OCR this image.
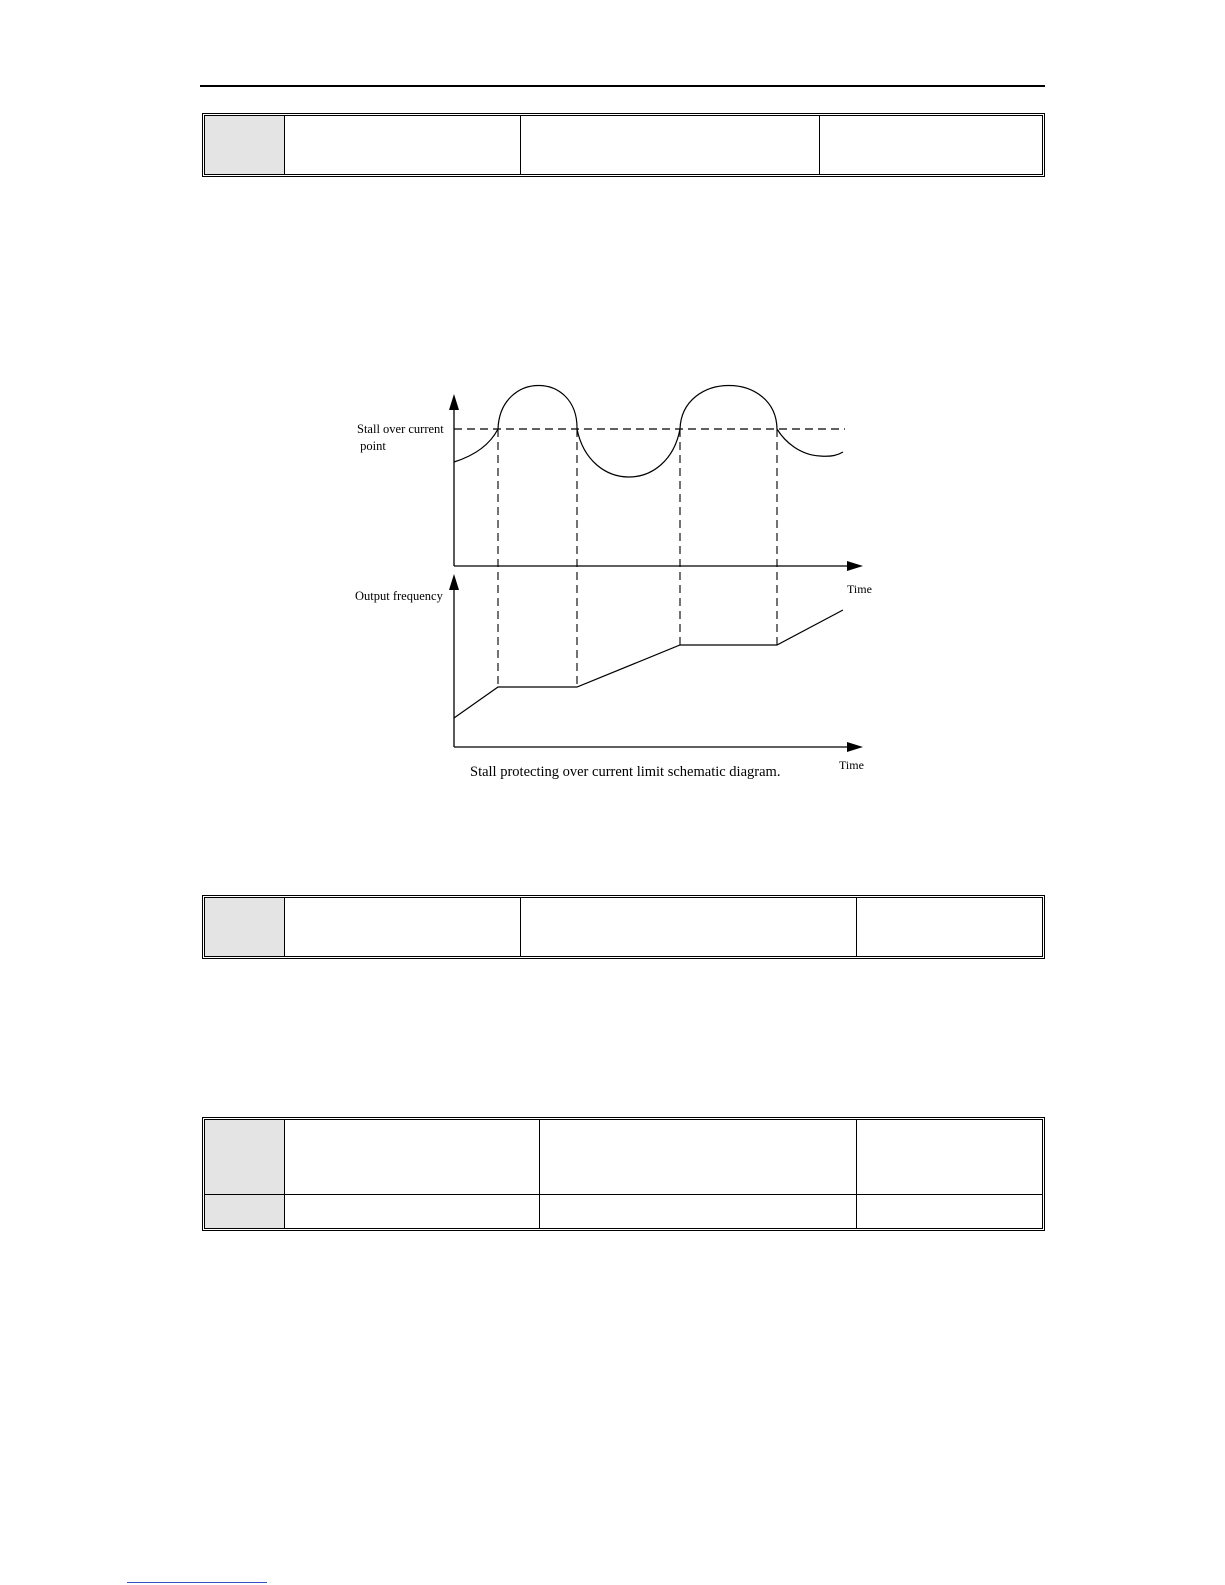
Stall over current
point
Time
Output frequency
Time
Stall protecting over current limit schematic diagram.
